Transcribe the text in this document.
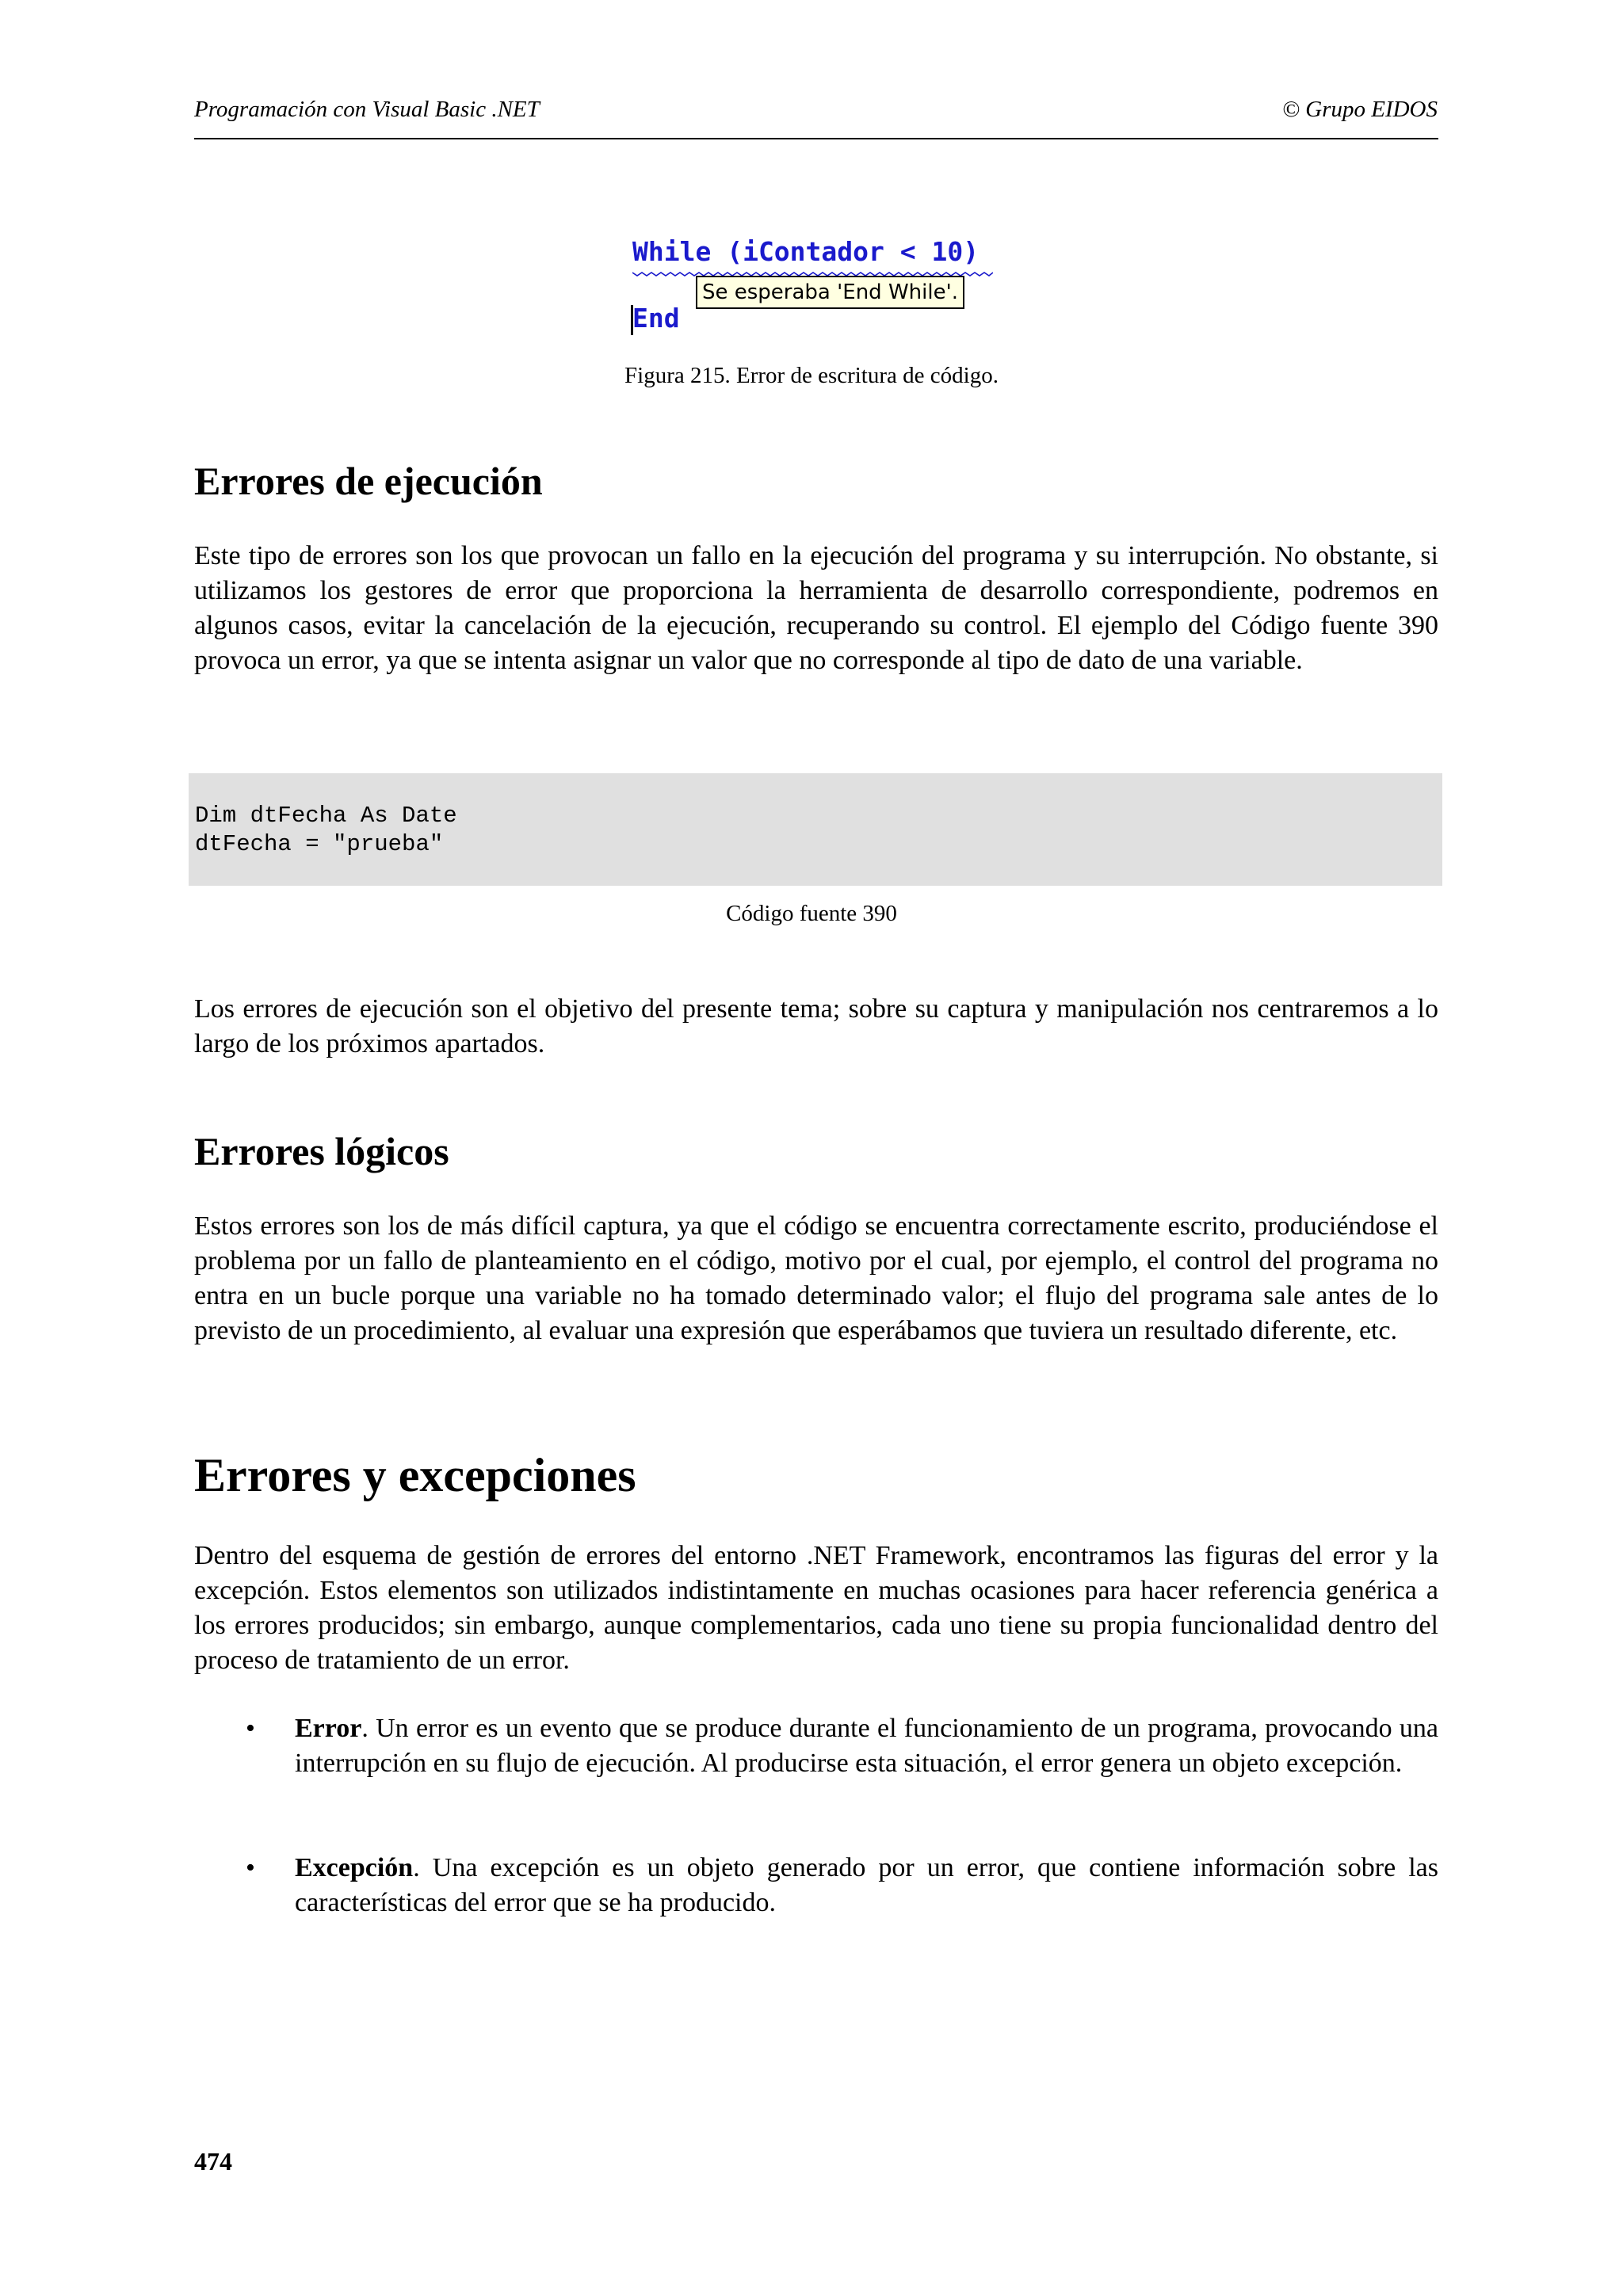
Programación con Visual Basic .NET	© Grupo EIDOS
While (iContador < 10)
Se esperaba 'End While'.
End
Figura 215. Error de escritura de código.
Errores de ejecución
Este tipo de errores son los que provocan un fallo en la ejecución del programa y su interrupción. No obstante, si utilizamos los gestores de error que proporciona la herramienta de desarrollo correspondiente, podremos en algunos casos, evitar la cancelación de la ejecución, recuperando su control. El ejemplo del Código fuente 390 provoca un error, ya que se intenta asignar un valor que no corresponde al tipo de dato de una variable.
Dim dtFecha As Date
dtFecha = "prueba"
Código fuente 390
Los errores de ejecución son el objetivo del presente tema; sobre su captura y manipulación nos centraremos a lo largo de los próximos apartados.
Errores lógicos
Estos errores son los de más difícil captura, ya que el código se encuentra correctamente escrito, produciéndose el problema por un fallo de planteamiento en el código, motivo por el cual, por ejemplo, el control del programa no entra en un bucle porque una variable no ha tomado determinado valor; el flujo del programa sale antes de lo previsto de un procedimiento, al evaluar una expresión que esperábamos que tuviera un resultado diferente, etc.
Errores y excepciones
Dentro del esquema de gestión de errores del entorno .NET Framework, encontramos las figuras del error y la excepción. Estos elementos son utilizados indistintamente en muchas ocasiones para hacer referencia genérica a los errores producidos; sin embargo, aunque complementarios, cada uno tiene su propia funcionalidad dentro del proceso de tratamiento de un error.
• Error. Un error es un evento que se produce durante el funcionamiento de un programa, provocando una interrupción en su flujo de ejecución. Al producirse esta situación, el error genera un objeto excepción.
• Excepción. Una excepción es un objeto generado por un error, que contiene información sobre las características del error que se ha producido.
474
